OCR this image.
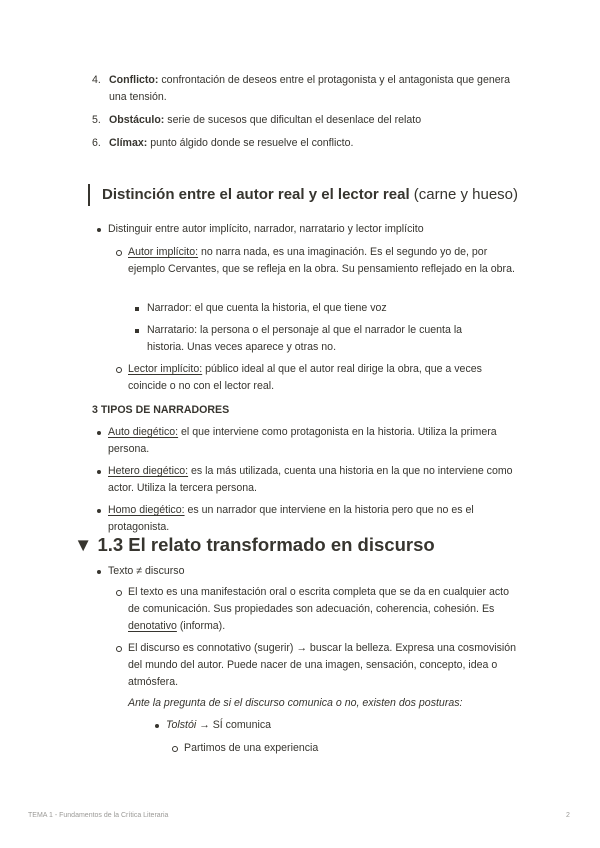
4. Conflicto: confrontación de deseos entre el protagonista y el antagonista que genera una tensión.
5. Obstáculo: serie de sucesos que dificultan el desenlace del relato
6. Clímax: punto álgido donde se resuelve el conflicto.
Distinción entre el autor real y el lector real (carne y hueso)
Distinguir entre autor implícito, narrador, narratario y lector implícito
Autor implícito: no narra nada, es una imaginación. Es el segundo yo de, por ejemplo Cervantes, que se refleja en la obra. Su pensamiento reflejado en la obra.
Narrador: el que cuenta la historia, el que tiene voz
Narratario: la persona o el personaje al que el narrador le cuenta la historia. Unas veces aparece y otras no.
Lector implícito: público ideal al que el autor real dirige la obra, que a veces coincide o no con el lector real.
3 TIPOS DE NARRADORES
Auto diegético: el que interviene como protagonista en la historia. Utiliza la primera persona.
Hetero diegético: es la más utilizada, cuenta una historia en la que no interviene como actor. Utiliza la tercera persona.
Homo diegético: es un narrador que interviene en la historia pero que no es el protagonista.
▼ 1.3 El relato transformado en discurso
Texto ≠ discurso
El texto es una manifestación oral o escrita completa que se da en cualquier acto de comunicación. Sus propiedades son adecuación, coherencia, cohesión. Es denotativo (informa).
El discurso es connotativo (sugerir) → buscar la belleza. Expresa una cosmovisión del mundo del autor. Puede nacer de una imagen, sensación, concepto, idea o atmósfera.
Ante la pregunta de si el discurso comunica o no, existen dos posturas:
Tolstói → SÍ comunica
Partimos de una experiencia
TEMA 1 - Fundamentos de la Crítica Literaria	2
